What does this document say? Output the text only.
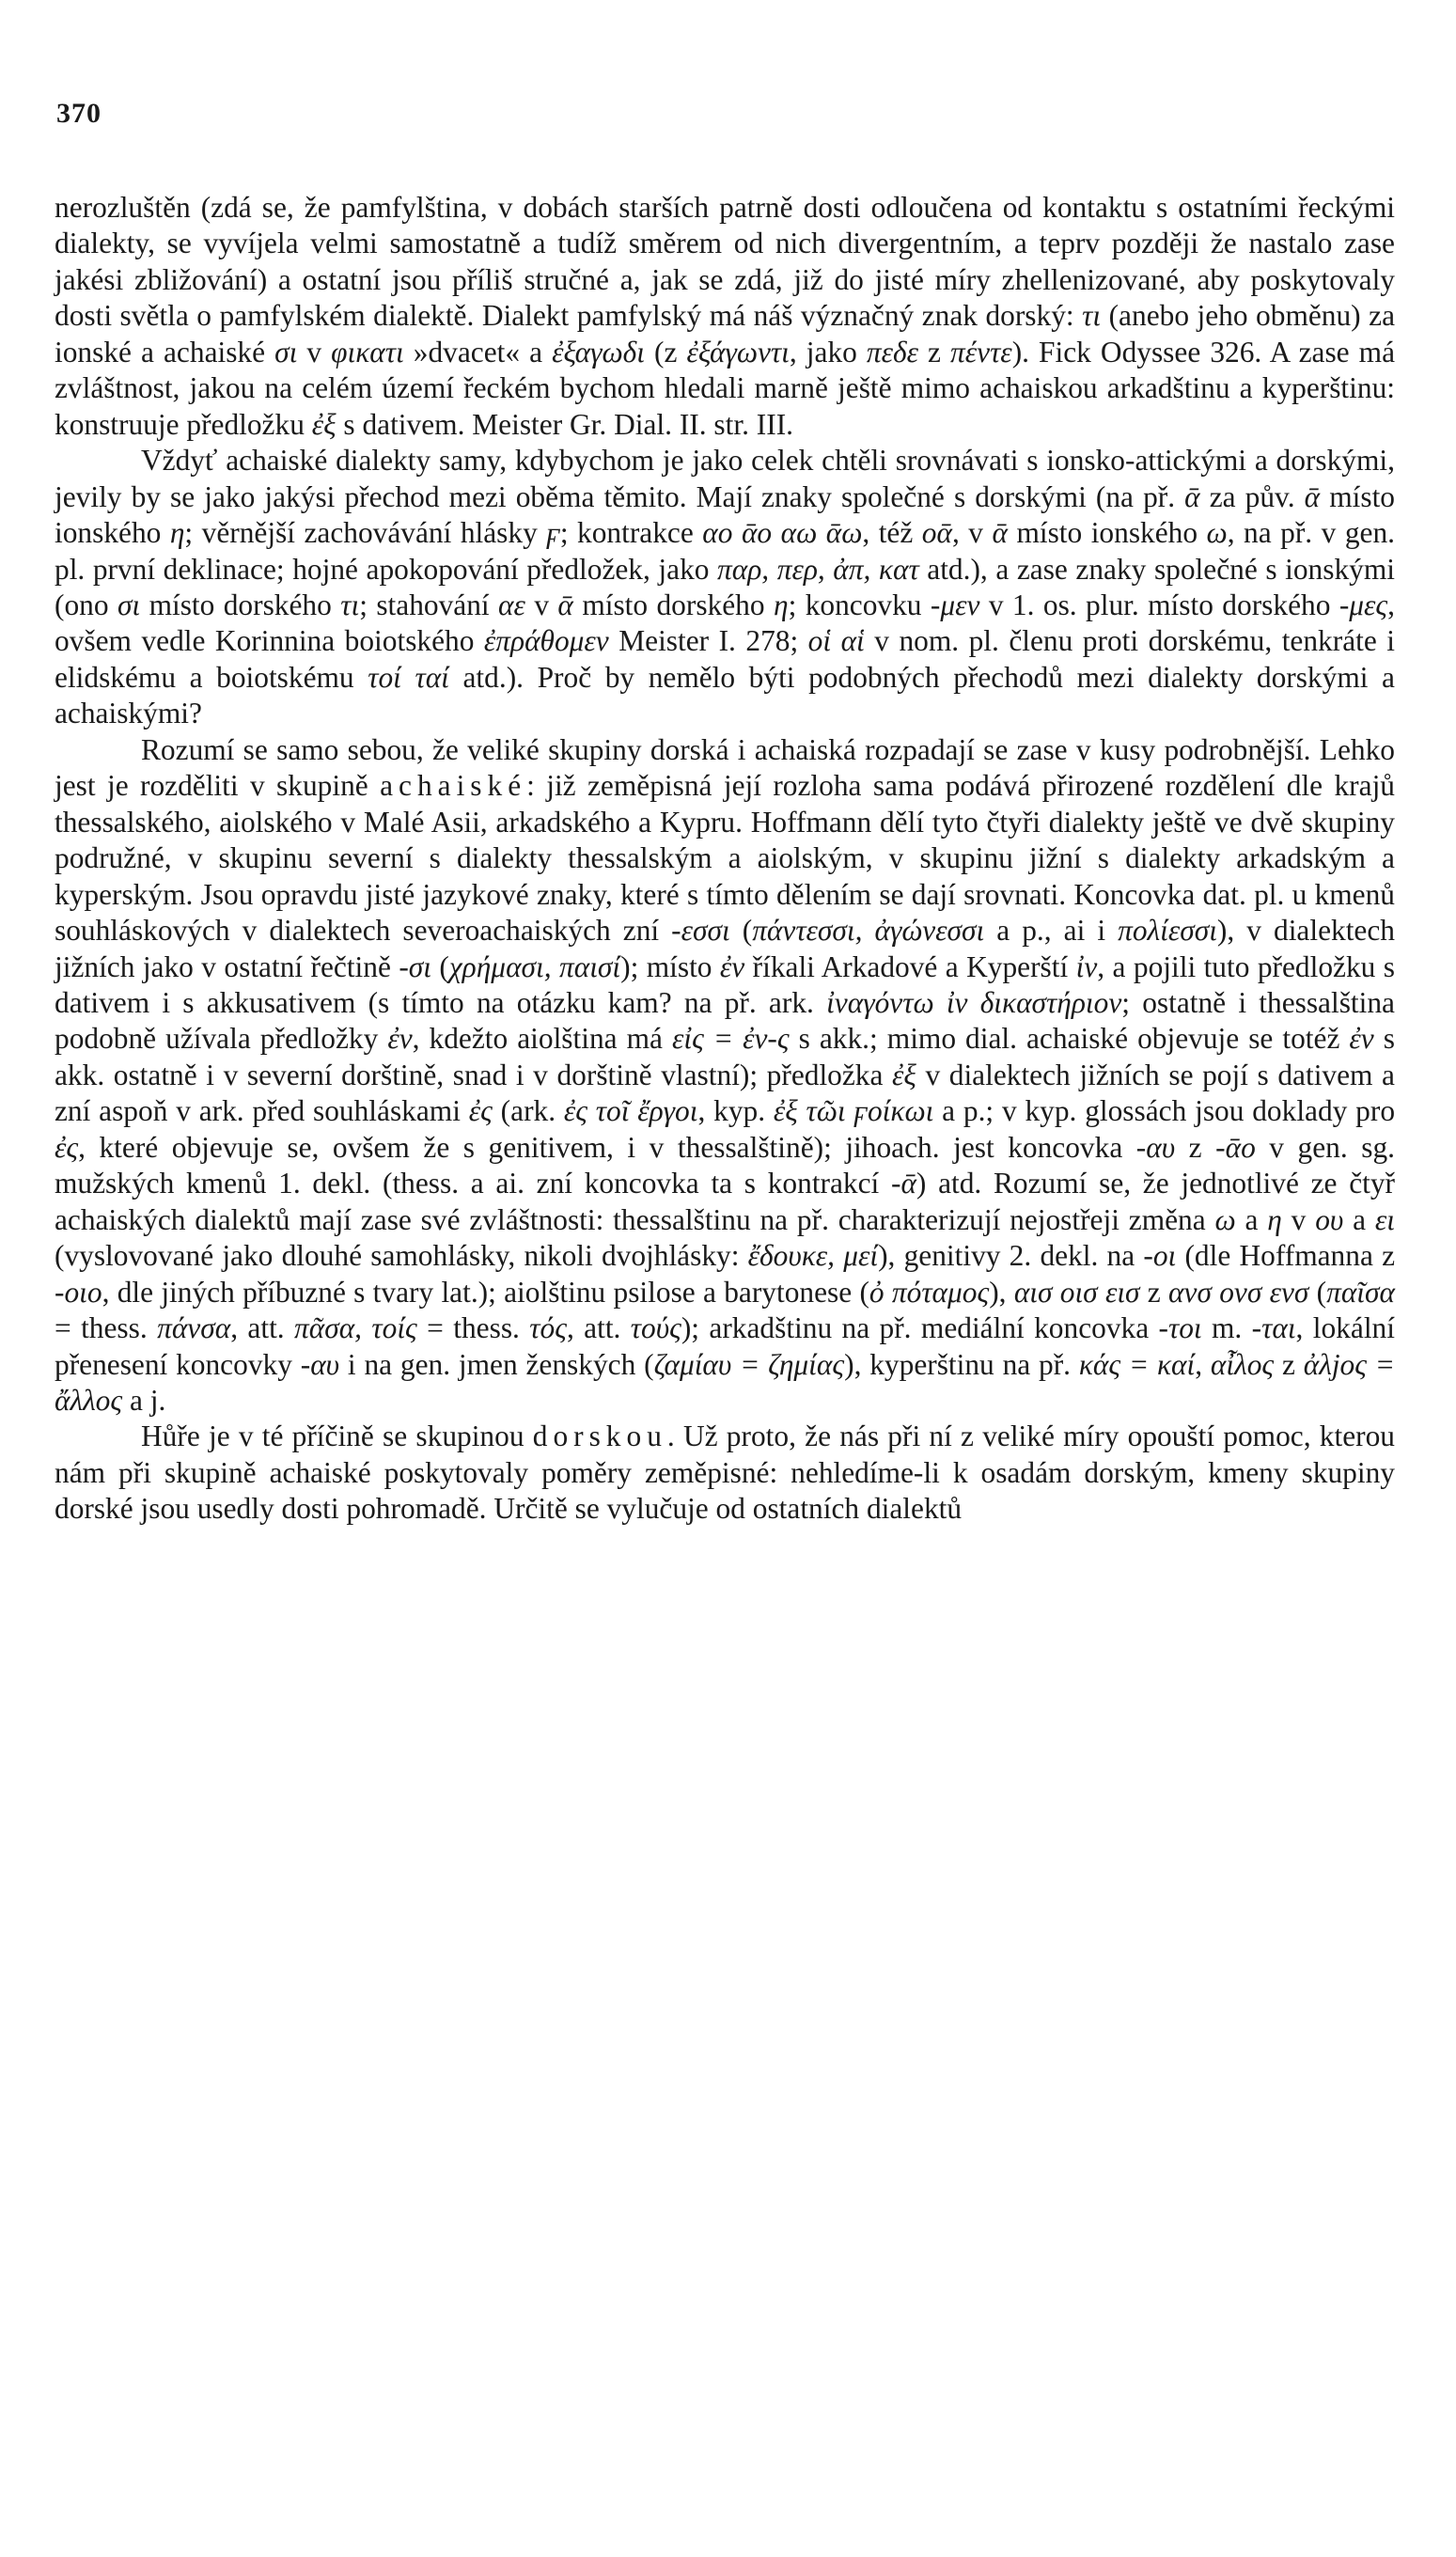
370

nerozluštěn (zdá se, že pamfylština, v dobách starších patrně dosti odloučena od kontaktu s ostatními řeckými dialekty, se vyvíjela velmi samostatně a tudíž směrem od nich divergentním, a teprv později že nastalo zase jakési zbližování) a ostatní jsou příliš stručné a, jak se zdá, již do jisté míry zhellenizované, aby poskytovaly dosti světla o pamfylském dialektě. Dialekt pamfylský má náš význačný znak dorský: τι (anebo jeho obměnu) za ionské a achaiské σι v φικατι »dvacet« a ἐξαγωδι (z ἐξάγωντι, jako πεδε z πέντε). Fick Odyssee 326. A zase má zvláštnost, jakou na celém území řeckém bychom hledali marně ještě mimo achaiskou arkadštinu a kyperštinu: konstruuje předložku ἐξ s dativem. Meister Gr. Dial. II. str. III.

Vždyť achaiské dialekty samy, kdybychom je jako celek chtěli srovnávati s ionsko-attickými a dorskými, jevily by se jako jakýsi přechod mezi oběma těmito. Mají znaky společné s dorskými (na př. ᾱ za pův. ᾱ místo ionského η; věrnější zachovávání hlásky ϝ; kontrakce αο ᾱο αω ᾱω, též οᾱ, v ᾱ místo ionského ω, na př. v gen. pl. první deklinace; hojné apokopování předložek, jako παρ, περ, ἀπ, κατ atd.), a zase znaky společné s ionskými (ono σι místo dorského τι; stahování αε v ᾱ místo dorského η; koncovku -μεν v 1. os. plur. místo dorského -μες, ovšem vedle Korinnina boiotského ἐπράθομεν Meister I. 278; οἱ αἱ v nom. pl. členu proti dorskému, tenkráte i elidskému a boiotskému τοί ταί atd.). Proč by nemělo býti podobných přechodů mezi dialekty dorskými a achaiskými?

Rozumí se samo sebou, že veliké skupiny dorská i achaiská rozpadají se zase v kusy podrobnější. Lehko jest je rozděliti v skupině achaiské: již zeměpisná její rozloha sama podává přirozené rozdělení dle krajů thessalského, aiolského v Malé Asii, arkadského a Kypru. Hoffmann dělí tyto čtyři dialekty ještě ve dvě skupiny podružné, v skupinu severní s dialekty thessalským a aiolským, v skupinu jižní s dialekty arkadským a kyperským. Jsou opravdu jisté jazykové znaky, které s tímto dělením se dají srovnati. Koncovka dat. pl. u kmenů souhláskových v dialektech severoachaiských zní -εσσι (πάντεσσι, ἀγώνεσσι a p., ai i πολίεσσι), v dialektech jižních jako v ostatní řečtině -σι (χρήμασι, παισί); místo ἐν říkali Arkadové a Kyperští ἰν, a pojili tuto předložku s dativem i s akkusativem (s tímto na otázku kam? na př. ark. ἰναγόντω ἰν δικαστήριον; ostatně i thessalština podobně užívala předložky ἐν, kdežto aiolština má εἰς = ἐν-ς s akk.; mimo dial. achaiské objevuje se totéž ἐν s akk. ostatně i v severní dorštině, snad i v dorštině vlastní); předložka ἐξ v dialektech jižních se pojí s dativem a zní aspoň v ark. před souhláskami ἐς (ark. ἐς τοῖ ἔργοι, kyp. ἐξ τῶι ϝοίκωι a p.; v kyp. glossách jsou doklady pro ἐς, které objevuje se, ovšem že s genitivem, i v thessalštině); jihoach. jest koncovka -αυ z -ᾱο v gen. sg. mužských kmenů 1. dekl. (thess. a ai. zní koncovka ta s kontrakcí -ᾱ) atd. Rozumí se, že jednotlivé ze čtyř achaiských dialektů mají zase své zvláštnosti: thessalštinu na př. charakterizují nejostřeji změna ω a η v ου a ει (vyslovované jako dlouhé samohlásky, nikoli dvojhlásky: ἔδουκε, μεί), genitivy 2. dekl. na -οι (dle Hoffmanna z -οιο, dle jiných příbuzné s tvary lat.); aiolštinu psilose a barytonese (ὀ πόταμος), αισ οισ εισ z ανσ ονσ ενσ (παῖσα = thess. πάνσα, att. πᾶσα, τοίς = thess. τός, att. τούς); arkadštinu na př. mediální koncovka -τοι m. -ται, lokální přenesení koncovky -αυ i na gen. jmen ženských (ζαμίαυ = ζημίας), kyperštinu na př. κάς = καί, αἶλος z ἀλjος = ἄλλος a j.

Hůře je v té příčině se skupinou dorskou. Už proto, že nás při ní z veliké míry opouští pomoc, kterou nám při skupině achaiské poskytovaly poměry zeměpisné: nehledíme-li k osadám dorským, kmeny skupiny dorské jsou usedly dosti pohromadě. Určitě se vylučuje od ostatních dialektů
